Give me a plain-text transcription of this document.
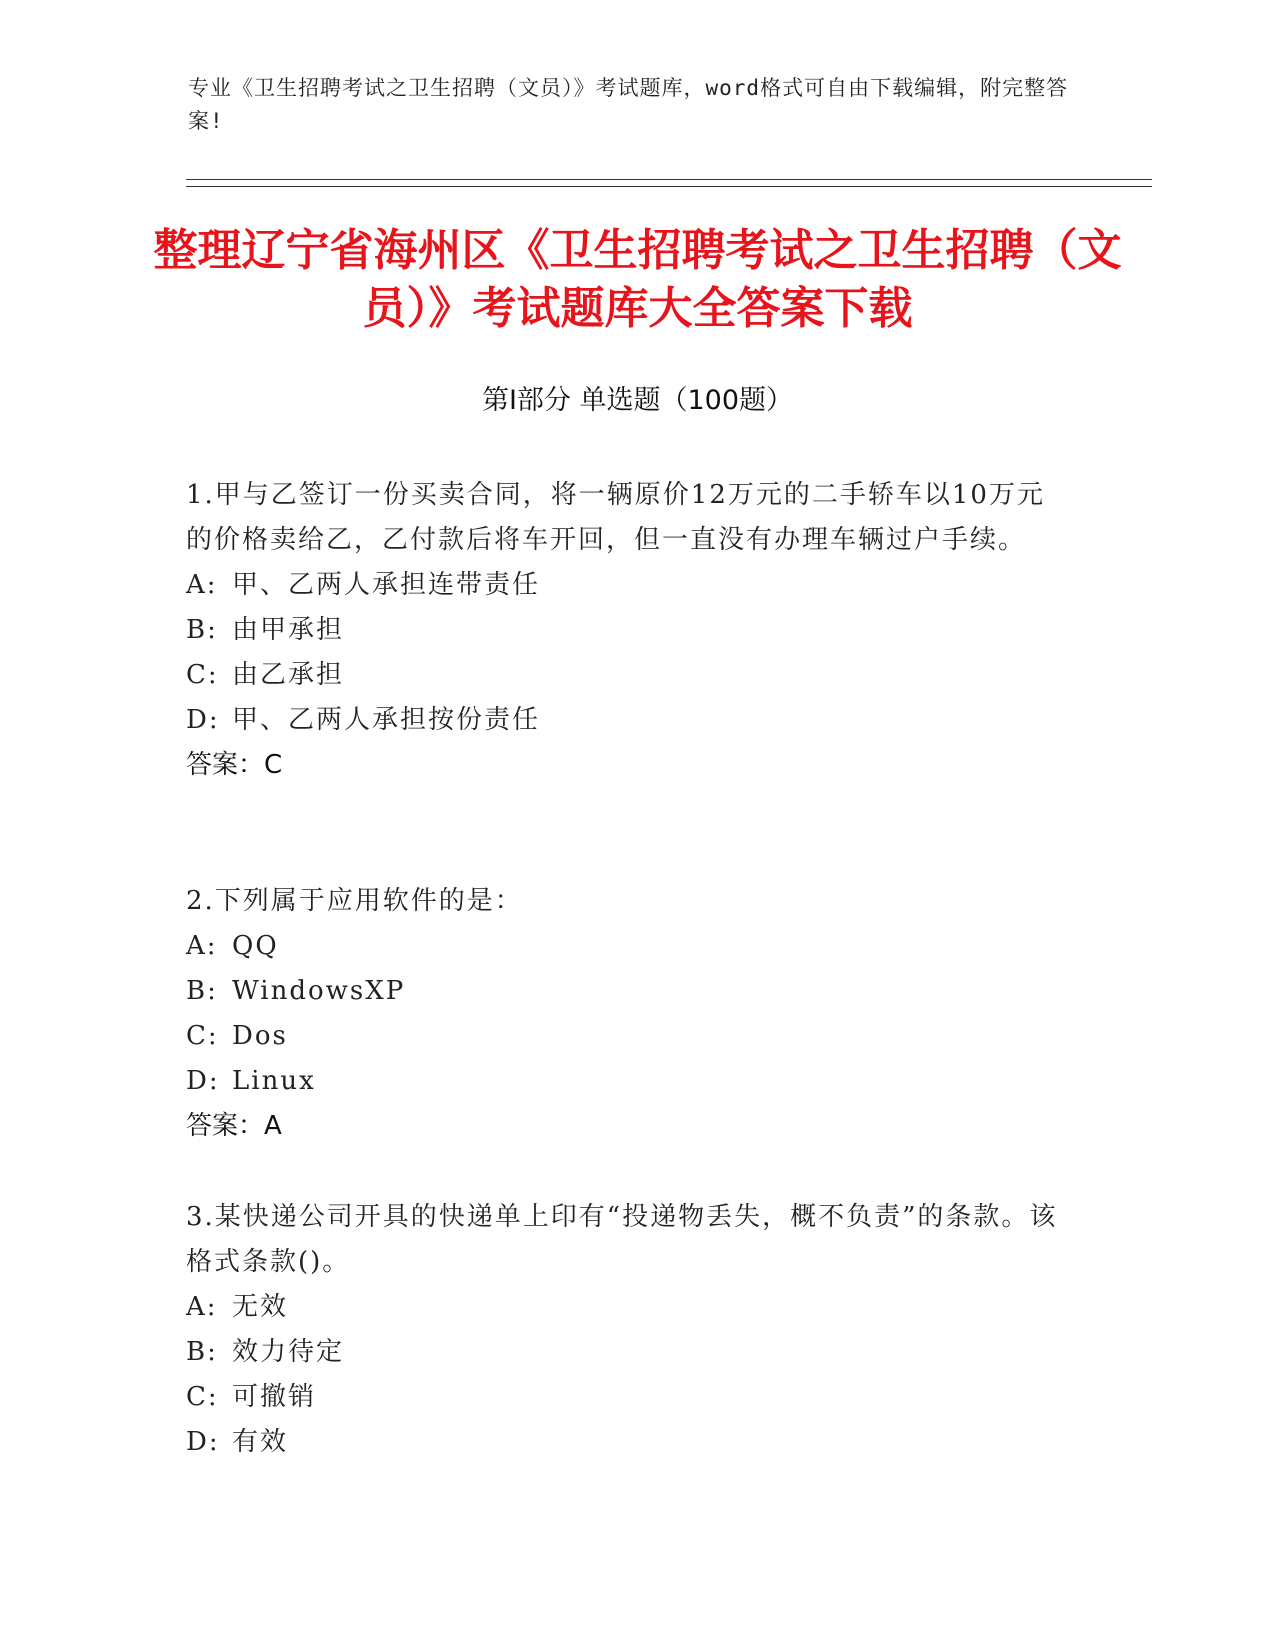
专业《卫生招聘考试之卫生招聘（文员）》考试题库，word格式可自由下载编辑，附完整答案!
整理辽宁省海州区《卫生招聘考试之卫生招聘（文员）》考试题库大全答案下载
第I部分 单选题（100题）
1.甲与乙签订一份买卖合同，将一辆原价12万元的二手轿车以10万元的价格卖给乙，乙付款后将车开回，但一直没有办理车辆过户手续。
A: 甲、乙两人承担连带责任
B: 由甲承担
C: 由乙承担
D: 甲、乙两人承担按份责任
答案：C
2.下列属于应用软件的是：
A: QQ
B: WindowsXP
C: Dos
D: Linux
答案：A
3.某快递公司开具的快递单上印有“投递物丢失，概不负责”的条款。该格式条款()。
A: 无效
B: 效力待定
C: 可撤销
D: 有效
